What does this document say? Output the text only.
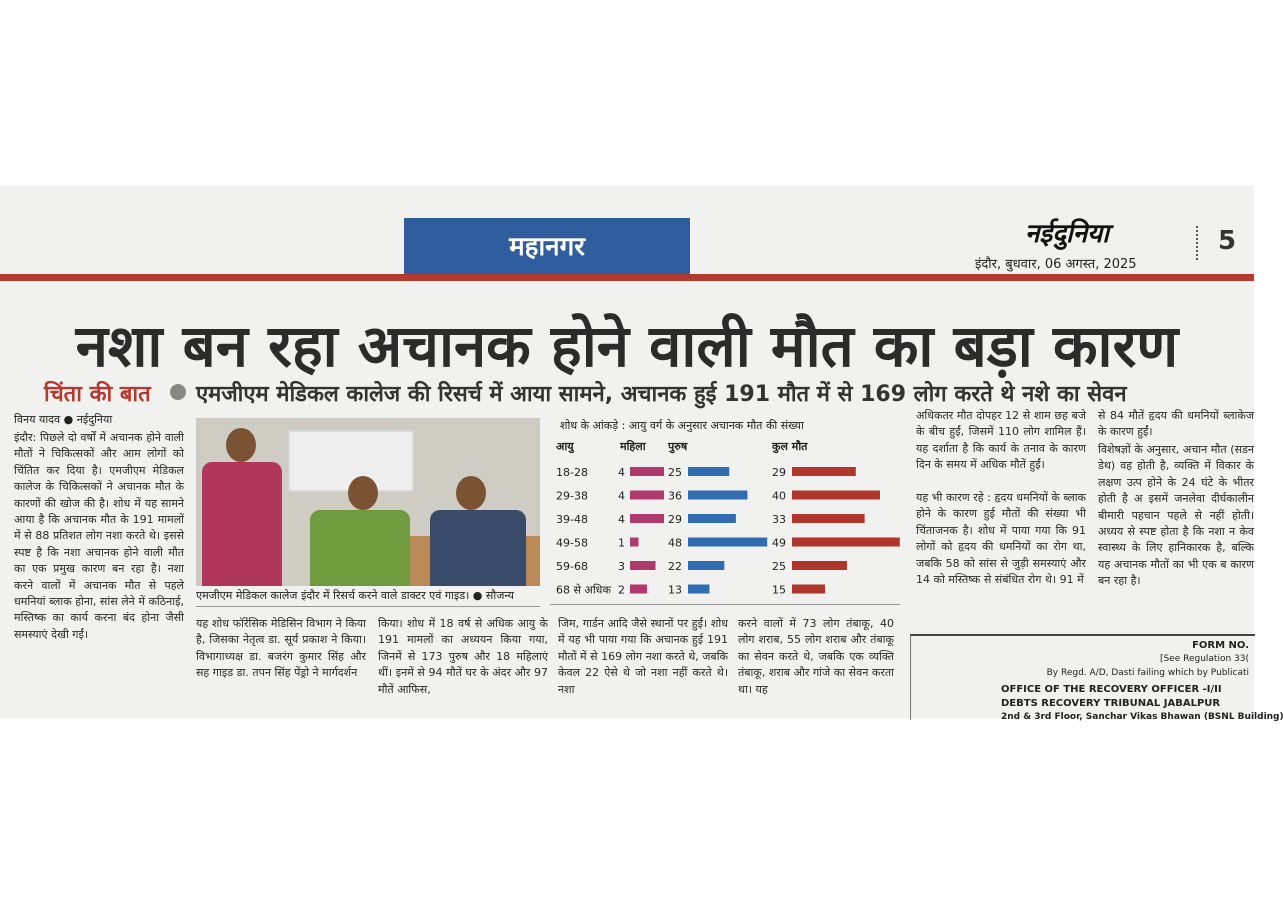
महानगर	नईदुनिया
इंदौर, बुधवार, 06 अगस्त, 2025
5
नशा बन रहा अचानक होने वाली मौत का बड़ा कारण
चिंता की बात एमजीएम मेडिकल कालेज की रिसर्च में आया सामने, अचानक हुई 191 मौत में से 169 लोग करते थे नशे का सेवन
विनय यादव ● नईदुनिया
इंदौर: पिछले दो वर्षों में अचानक होने वाली मौतों ने चिकित्सकों और आम लोगों को चिंतित कर दिया है। एमजीएम मेडिकल कालेज के चिकित्सकों ने अचानक मौत के कारणों की खोज की है। शोध में यह सामने आया है कि अचानक मौत के 191 मामलों में से 88 प्रतिशत लोग नशा करते थे। इससे स्पष्ट है कि नशा अचानक होने वाली मौत का एक प्रमुख कारण बन रहा है। नशा करने वालों में अचानक मौत से पहले धमनियां ब्लाक होना, सांस लेने में कठिनाई, मस्तिष्क का कार्य करना बंद होना जैसी समस्याएं देखी गईं।
एमजीएम मेडिकल कालेज इंदौर में रिसर्च करने वाले डाक्टर एवं गाइड। ● सौजन्य
शोध के आंकड़े : आयु वर्ग के अनुसार अचानक मौत की संख्या
आयु	महिला पुरुष	कुल मौत
18-28	4	25	29
29-38	4	36	40
39-48	4	29	33
49-58	1	48	49
59-68	3	22	25
68 से अधिक 2	13	15
यह शोध फॉरेंसिक मेडिसिन विभाग ने किया है, जिसका नेतृत्व डा. सूर्य प्रकाश ने किया। विभागाध्यक्ष डा. बजरंग कुमार सिंह और सह गाइड डा. तपन सिंह पेंड्रो ने मार्गदर्शन
किया। शोध में 18 वर्ष से अधिक आयु के 191 मामलों का अध्ययन किया गया, जिनमें से 173 पुरुष और 18 महिलाएं थीं। इनमें से 94 मौतें घर के अंदर और 97 मौतें आफिस,
जिम, गार्डन आदि जैसे स्थानों पर हुईं। शोध में यह भी पाया गया कि अचानक हुई 191 मौतों में से 169 लोग नशा करते थे, जबकि केवल 22 ऐसे थे जो नशा नहीं करते थे। नशा
करने वालों में 73 लोग तंबाकू, 40 लोग शराब, 55 लोग शराब और तंबाकू का सेवन करते थे, जबकि एक व्यक्ति तंबाकू, शराब और गांजे का सेवन करता था। यह
अधिकतर मौत दोपहर 12 से शाम छह बजे के बीच हुईं, जिसमें 110 लोग शामिल हैं। यह दर्शाता है कि कार्य के तनाव के कारण दिन के समय में अधिक मौतें हुईं।
यह भी कारण रहे : हृदय धमनियों के ब्लाक होने के कारण हुई मौतों की संख्या भी चिंताजनक है। शोध में पाया गया कि 91 लोगों को हृदय की धमनियों का रोग था, जबकि 58 को सांस से जुड़ी समस्याएं और 14 को मस्तिष्क से संबंधित रोग थे। 91 में
से 84 मौतें हृदय की धमनियों ब्लाकेज के कारण हुईं।
विशेषज्ञों के अनुसार, अचान मौत (सडन डेथ) वह होती है, व्यक्ति में विकार के लक्षण उत्प होने के 24 घंटे के भीतर होती है अ इसमें जनलेवा दीर्घकालीन बीमारी पहचान पहले से नहीं होती। अध्यय से स्पष्ट होता है कि नशा न केव स्वास्थ्य के लिए हानिकारक है, बल्कि यह अचानक मौतों का भी एक ब कारण बन रहा है।
FORM NO.
[See Regulation 33(
By Regd. A/D, Dasti failing which by Publicati
OFFICE OF THE RECOVERY OFFICER -I/II
DEBTS RECOVERY TRIBUNAL JABALPUR
2nd & 3rd Floor, Sanchar Vikas Bhawan (BSNL Building)
